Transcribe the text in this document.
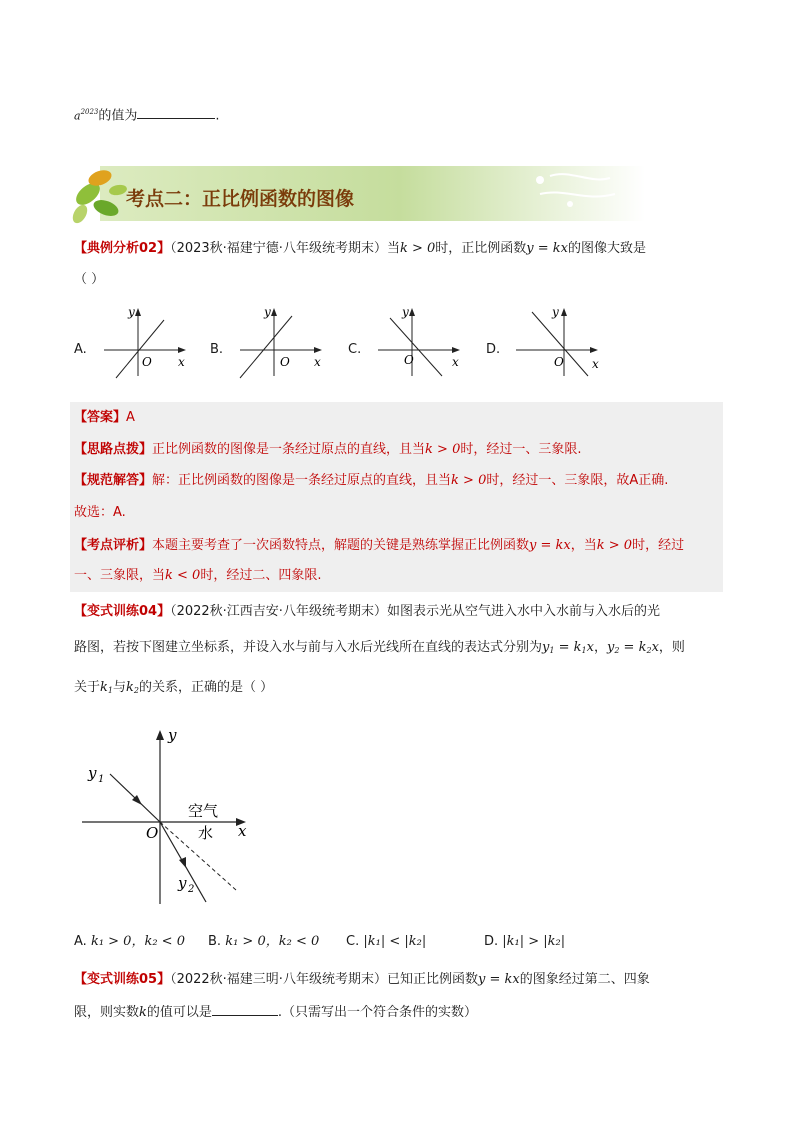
$a^{2023}$的值为	.
考点二：正比例函数的图像
【典例分析02】（2023秋·福建宁德·八年级统考期末）当k > 0时，正比例函数y = kx的图像大致是
（ ）
A.
y
x
O
B.
y
x
O
C.
y
x
O
D.
y
x
O
【答案】A
【思路点拨】正比例函数的图像是一条经过原点的直线，且当k > 0时，经过一、三象限.
【规范解答】解：正比例函数的图像是一条经过原点的直线，且当k > 0时，经过一、三象限，故A正确.
故选：A.
【考点评析】本题主要考查了一次函数特点，解题的关键是熟练掌握正比例函数y = kx，当k > 0时，经过
一、三象限，当k < 0时，经过二、四象限.
【变式训练04】（2022秋·江西吉安·八年级统考期末）如图表示光从空气进入水中入水前与入水后的光
路图，若按下图建立坐标系，并设入水与前与入水后光线所在直线的表达式分别为$y_1 = k_1x$，$y_2 = k_2x$，则
关于$k_1$与$k_2$的关系，正确的是（ ）
y
x
O
y 1
y 2
空气
水
A. k₁ > 0，k₂ < 0 B. k₁ > 0，k₂ < 0 C. |k₁| < |k₂|	D. |k₁| > |k₂|
【变式训练05】（2022秋·福建三明·八年级统考期末）已知正比例函数y = kx的图象经过第二、四象
限，则实数k的值可以是	.（只需写出一个符合条件的实数）
